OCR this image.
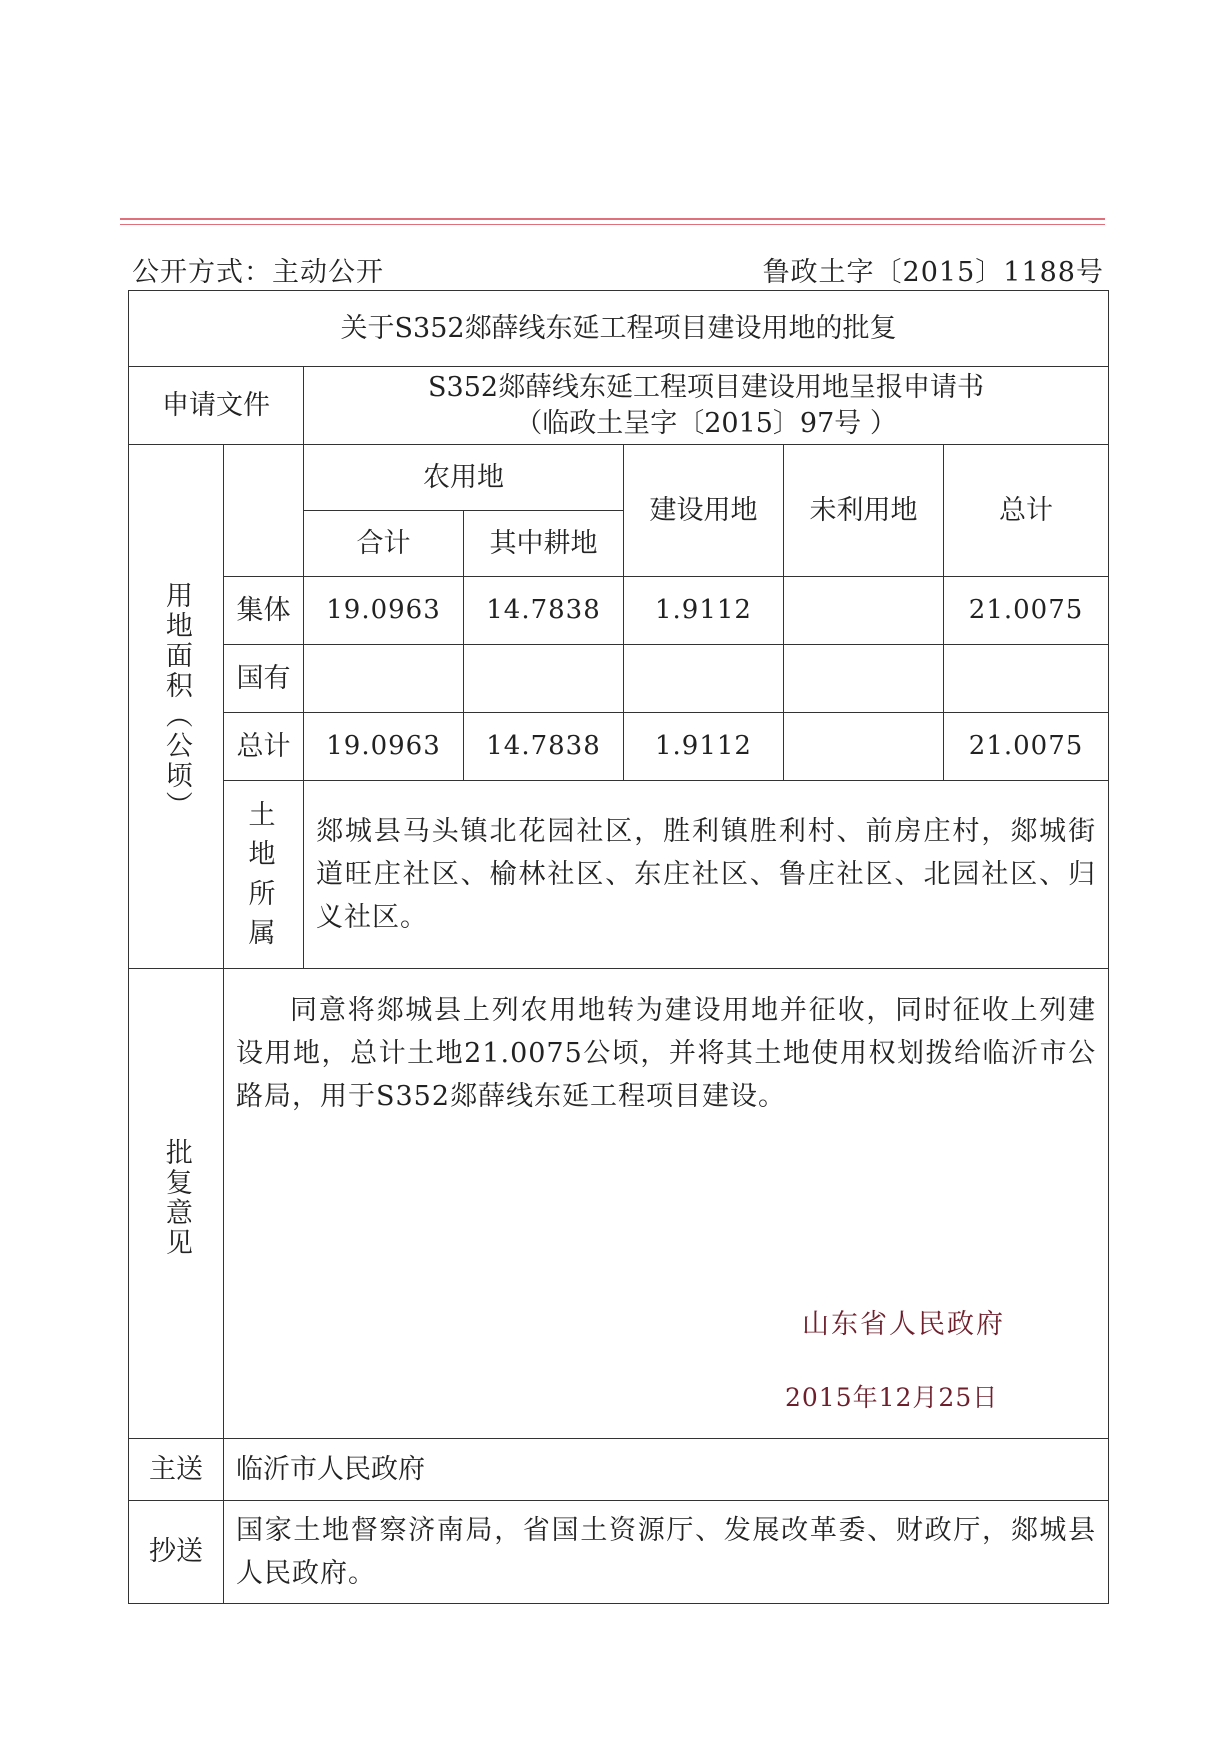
公开方式：主动公开	鲁政土字〔2015〕1188号
关于S352郯薛线东延工程项目建设用地的批复						
申请文件		S352郯薛线东延工程项目建设用地呈报申请书
（临政土呈字〔2015〕97号 ）				

用地面积（公顷）		农用地		建设用地	未利用地	总计
		合计	其中耕地			
	集体	19.0963	14.7838	1.9112		21.0075
	国有					
	总计	19.0963	14.7838	1.9112		21.0075
	土地所属	郯城县马头镇北花园社区，胜利镇胜利村、前房庄村，郯城街道旺庄社区、榆林社区、东庄社区、鲁庄社区、北园社区、归义社区。				
批复意见	同意将郯城县上列农用地转为建设用地并征收，同时征收上列建设用地，总计土地21.0075公顷，并将其土地使用权划拨给临沂市公路局，用于S352郯薛线东延工程项目建设。					
主送	临沂市人民政府					
抄送	国家土地督察济南局，省国土资源厅、发展改革委、财政厅，郯城县人民政府。					
山东省人民政府
2015年12月25日
